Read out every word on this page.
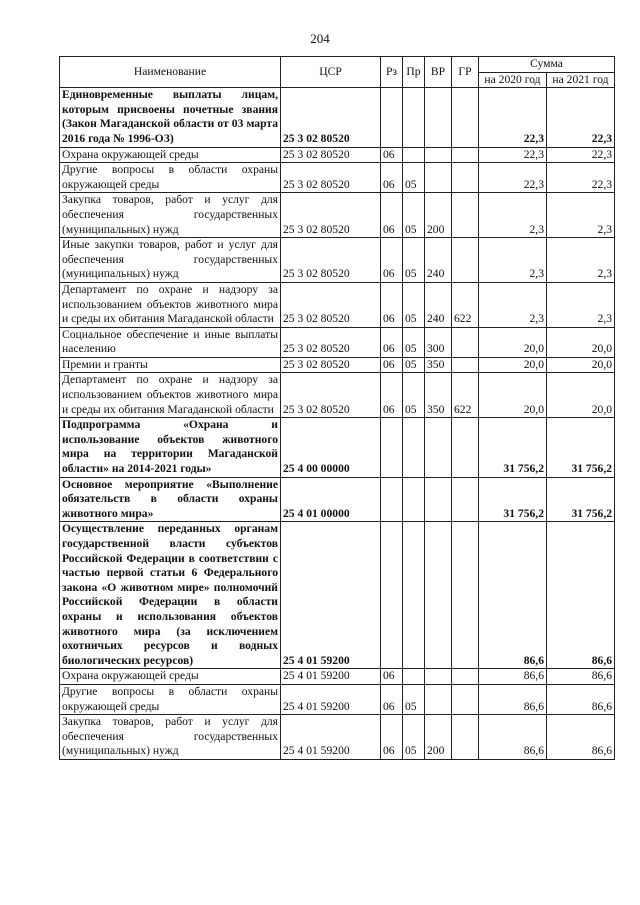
204
Наименование	ЦСР	Рз	Пр	ВР	ГР	Сумма	
						на 2020 год	на 2021 год
Единовременные выплаты лицам, которым присвоены почетные звания (Закон Магаданской области от 03 марта 2016 года № 1996-ОЗ)	25 3 02 80520					22,3	22,3
Охрана окружающей среды	25 3 02 80520	06				22,3	22,3
Другие вопросы в области охраны окружающей среды	25 3 02 80520	06	05			22,3	22,3
Закупка товаров, работ и услуг для обеспечения государственных (муниципальных) нужд	25 3 02 80520	06	05	200		2,3	2,3
Иные закупки товаров, работ и услуг для обеспечения государственных (муниципальных) нужд	25 3 02 80520	06	05	240		2,3	2,3
Департамент по охране и надзору за использованием объектов животного мира и среды их обитания Магаданской области	25 3 02 80520	06	05	240	622	2,3	2,3
Социальное обеспечение и иные выплаты населению	25 3 02 80520	06	05	300		20,0	20,0
Премии и гранты	25 3 02 80520	06	05	350		20,0	20,0
Департамент по охране и надзору за использованием объектов животного мира и среды их обитания Магаданской области	25 3 02 80520	06	05	350	622	20,0	20,0
Подпрограмма «Охрана и использование объектов животного мира на территории Магаданской области» на 2014-2021 годы»	25 4 00 00000					31 756,2	31 756,2
Основное мероприятие «Выполнение обязательств в области охраны животного мира»	25 4 01 00000					31 756,2	31 756,2
Осуществление переданных органам государственной власти субъектов Российской Федерации в соответствии с частью первой статьи 6 Федерального закона «О животном мире» полномочий Российской Федерации в области охраны и использования объектов животного мира (за исключением охотничьих ресурсов и водных биологических ресурсов)	25 4 01 59200					86,6	86,6
Охрана окружающей среды	25 4 01 59200	06				86,6	86,6
Другие вопросы в области охраны окружающей среды	25 4 01 59200	06	05			86,6	86,6
Закупка товаров, работ и услуг для обеспечения государственных (муниципальных) нужд	25 4 01 59200	06	05	200		86,6	86,6
